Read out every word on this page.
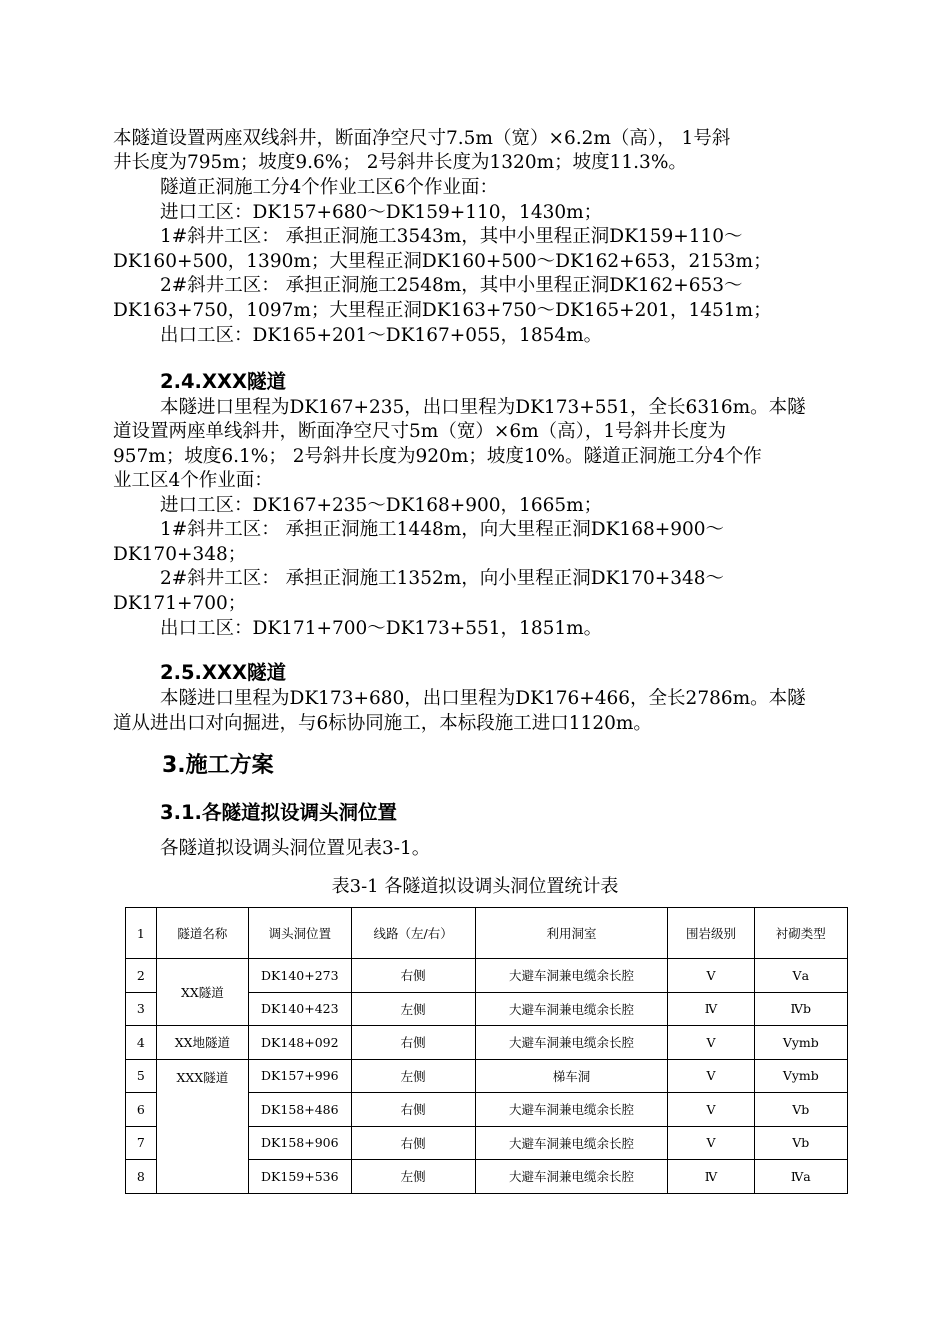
本隧道设置两座双线斜井，断面净空尺寸7.5m（宽）×6.2m（高）， 1号斜

井长度为795m；坡度9.6%； 2号斜井长度为1320m；坡度11.3%。

隧道正洞施工分4个作业工区6个作业面：

进口工区：DK157+680～DK159+110，1430m；

1#斜井工区： 承担正洞施工3543m，其中小里程正洞DK159+110～

DK160+500，1390m；大里程正洞DK160+500～DK162+653，2153m；

2#斜井工区： 承担正洞施工2548m，其中小里程正洞DK162+653～

DK163+750，1097m；大里程正洞DK163+750～DK165+201，1451m；

出口工区：DK165+201～DK167+055，1854m。

2.4.XXX隧道

本隧进口里程为DK167+235，出口里程为DK173+551，全长6316m。本隧

道设置两座单线斜井，断面净空尺寸5m（宽）×6m（高），1号斜井长度为

957m；坡度6.1%； 2号斜井长度为920m；坡度10%。隧道正洞施工分4个作

业工区4个作业面：

进口工区：DK167+235～DK168+900，1665m；

1#斜井工区： 承担正洞施工1448m，向大里程正洞DK168+900～

DK170+348；

2#斜井工区： 承担正洞施工1352m，向小里程正洞DK170+348～

DK171+700；

出口工区：DK171+700～DK173+551，1851m。

2.5.XXX隧道

本隧进口里程为DK173+680，出口里程为DK176+466，全长2786m。本隧

道从进出口对向掘进，与6标协同施工，本标段施工进口1120m。

3.施工方案
3.1.各隧道拟设调头洞位置

各隧道拟设调头洞位置见表3-1。

表3-1 各隧道拟设调头洞位置统计表

1	隧道名称	调头洞位置	线路（左/右）	利用洞室	围岩级别	衬砌类型
2	XX隧道	DK140+273	右侧	大避车洞兼电缆余长腔	Ⅴ	Ⅴa
3		DK140+423	左侧	大避车洞兼电缆余长腔	Ⅳ	Ⅳb
4	XX地隧道	DK148+092	右侧	大避车洞兼电缆余长腔	Ⅴ	Ⅴymb
5	XXX隧道	DK157+996	左侧	梯车洞	Ⅴ	Ⅴymb
6		DK158+486	右侧	大避车洞兼电缆余长腔	Ⅴ	Ⅴb
7		DK158+906	右侧	大避车洞兼电缆余长腔	Ⅴ	Ⅴb
8		DK159+536	左侧	大避车洞兼电缆余长腔	Ⅳ	Ⅳa
